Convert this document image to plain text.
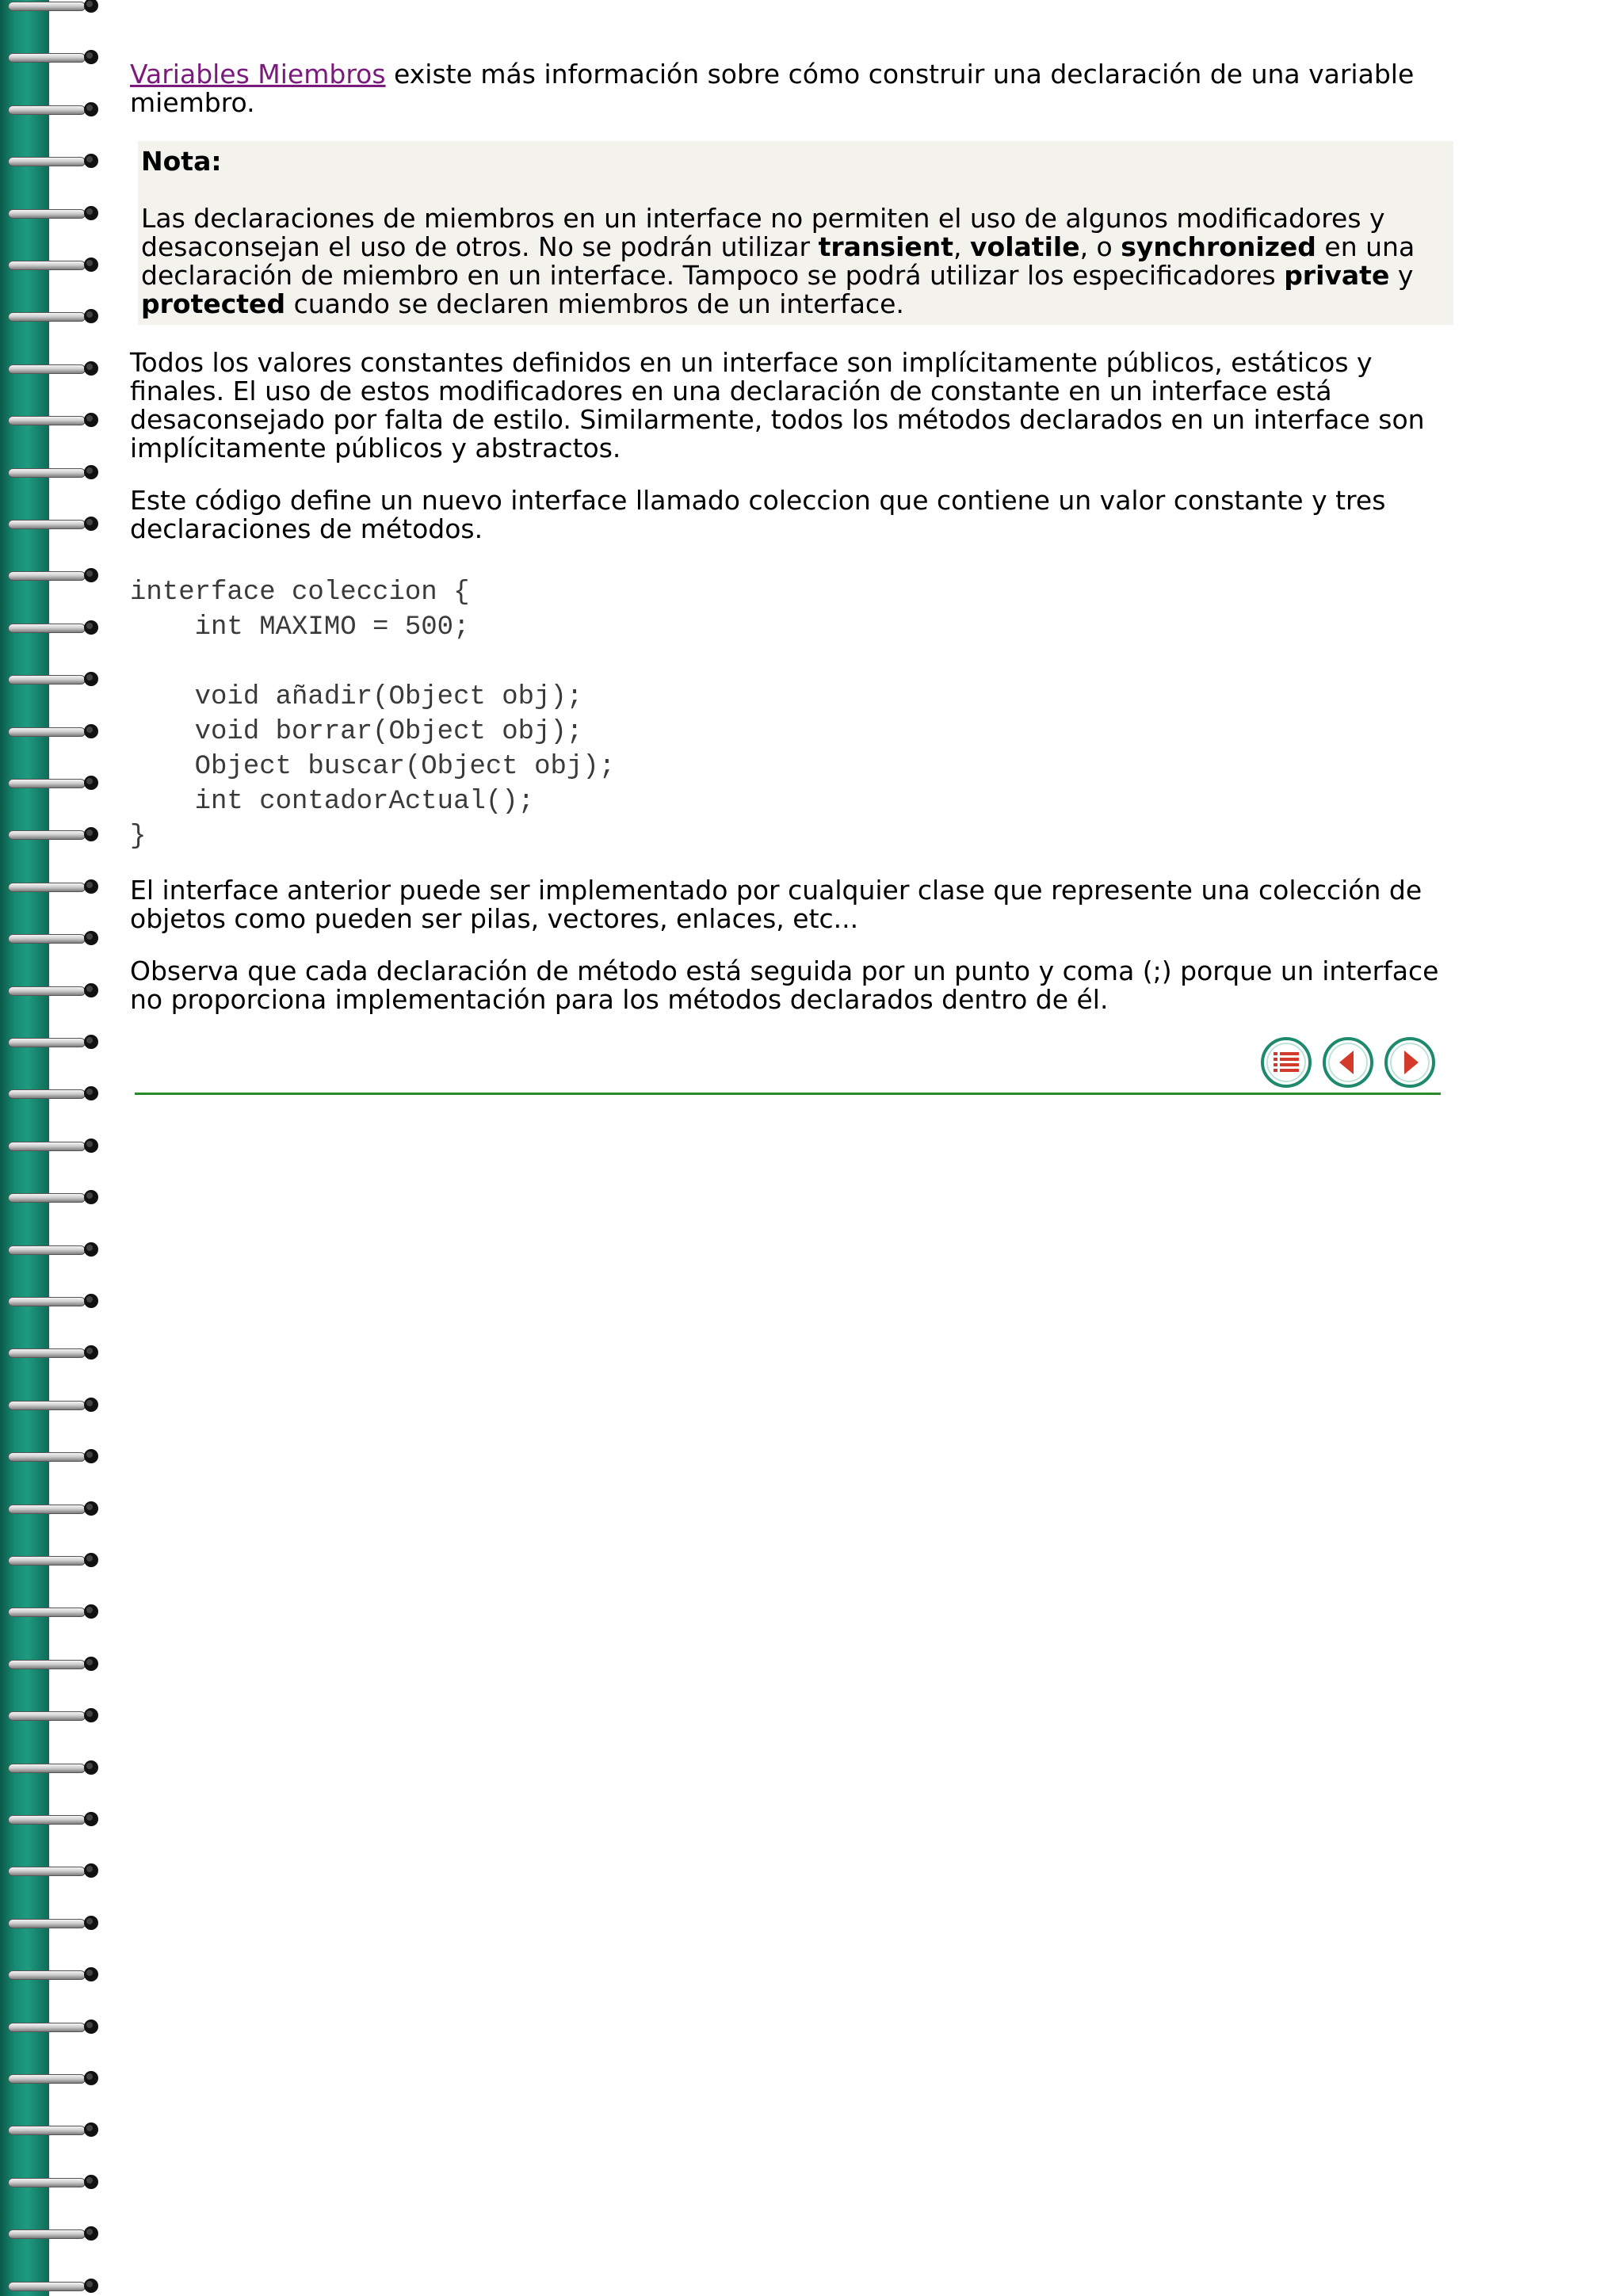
Variables Miembros existe más información sobre cómo construir una declaración de una variable miembro.

Nota:

Las declaraciones de miembros en un interface no permiten el uso de algunos modificadores y desaconsejan el uso de otros. No se podrán utilizar transient, volatile, o synchronized en una declaración de miembro en un interface. Tampoco se podrá utilizar los especificadores private y protected cuando se declaren miembros de un interface.

Todos los valores constantes definidos en un interface son implícitamente públicos, estáticos y finales. El uso de estos modificadores en una declaración de constante en un interface está desaconsejado por falta de estilo. Similarmente, todos los métodos declarados en un interface son implícitamente públicos y abstractos.

Este código define un nuevo interface llamado coleccion que contiene un valor constante y tres declaraciones de métodos.

interface coleccion {
int MAXIMO = 500;

void añadir(Object obj);
void borrar(Object obj);
Object buscar(Object obj);
int contadorActual();
}

El interface anterior puede ser implementado por cualquier clase que represente una colección de objetos como pueden ser pilas, vectores, enlaces, etc...

Observa que cada declaración de método está seguida por un punto y coma (;) porque un interface no proporciona implementación para los métodos declarados dentro de él.
